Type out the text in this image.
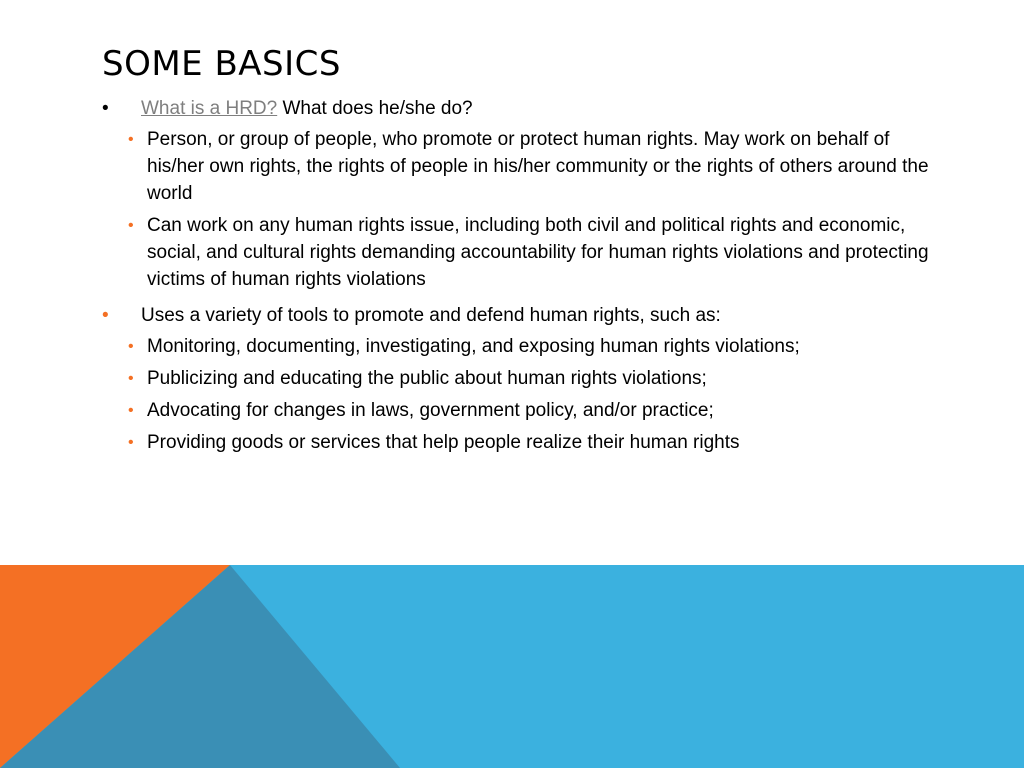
SOME BASICS
• What is a HRD? What does he/she do?
• Person, or group of people, who promote or protect human rights. May work on behalf of his/her own rights, the rights of people in his/her community or the rights of others around the world
• Can work on any human rights issue, including both civil and political rights and economic, social, and cultural rights demanding accountability for human rights violations and protecting victims of human rights violations
• Uses a variety of tools to promote and defend human rights, such as:
• Monitoring, documenting, investigating, and exposing human rights violations;
• Publicizing and educating the public about human rights violations;
• Advocating for changes in laws, government policy, and/or practice;
• Providing goods or services that help people realize their human rights
